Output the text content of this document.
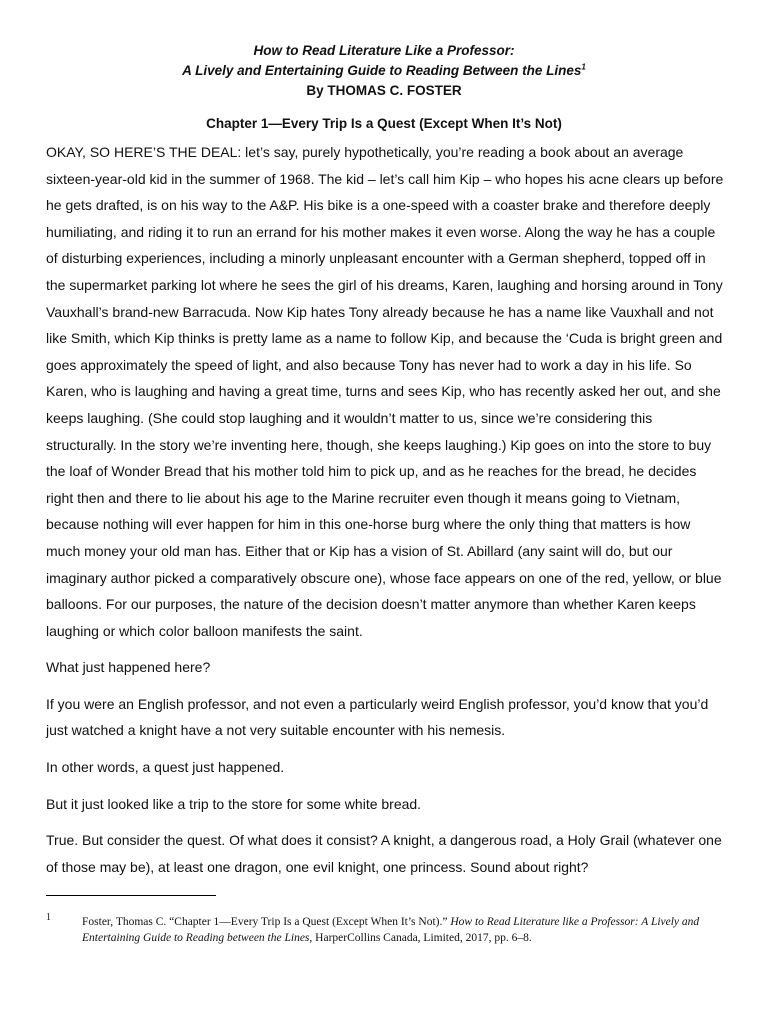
How to Read Literature Like a Professor:
A Lively and Entertaining Guide to Reading Between the Lines$^1$
By THOMAS C. FOSTER
Chapter 1—Every Trip Is a Quest (Except When It’s Not)

OKAY, SO HERE’S THE DEAL: let’s say, purely hypothetically, you’re reading a book about an average sixteen-year-old kid in the summer of 1968. The kid – let’s call him Kip – who hopes his acne clears up before he gets drafted, is on his way to the A&P. His bike is a one-speed with a coaster brake and therefore deeply humiliating, and riding it to run an errand for his mother makes it even worse. Along the way he has a couple of disturbing experiences, including a minorly unpleasant encounter with a German shepherd, topped off in the supermarket parking lot where he sees the girl of his dreams, Karen, laughing and horsing around in Tony Vauxhall’s brand-new Barracuda. Now Kip hates Tony already because he has a name like Vauxhall and not like Smith, which Kip thinks is pretty lame as a name to follow Kip, and because the ‘Cuda is bright green and goes approximately the speed of light, and also because Tony has never had to work a day in his life. So Karen, who is laughing and having a great time, turns and sees Kip, who has recently asked her out, and she keeps laughing. (She could stop laughing and it wouldn’t matter to us, since we’re considering this structurally. In the story we’re inventing here, though, she keeps laughing.) Kip goes on into the store to buy the loaf of Wonder Bread that his mother told him to pick up, and as he reaches for the bread, he decides right then and there to lie about his age to the Marine recruiter even though it means going to Vietnam, because nothing will ever happen for him in this one-horse burg where the only thing that matters is how much money your old man has. Either that or Kip has a vision of St. Abillard (any saint will do, but our imaginary author picked a comparatively obscure one), whose face appears on one of the red, yellow, or blue balloons. For our purposes, the nature of the decision doesn’t matter anymore than whether Karen keeps laughing or which color balloon manifests the saint.

What just happened here?

If you were an English professor, and not even a particularly weird English professor, you’d know that you’d just watched a knight have a not very suitable encounter with his nemesis.

In other words, a quest just happened.

But it just looked like a trip to the store for some white bread.

True. But consider the quest. Of what does it consist? A knight, a dangerous road, a Holy Grail (whatever one of those may be), at least one dragon, one evil knight, one princess. Sound about right?

1	Foster, Thomas C. “Chapter 1—Every Trip Is a Quest (Except When It’s Not).” How to Read Literature like a Professor: A Lively and Entertaining Guide to Reading between the Lines, HarperCollins Canada, Limited, 2017, pp. 6–8.
